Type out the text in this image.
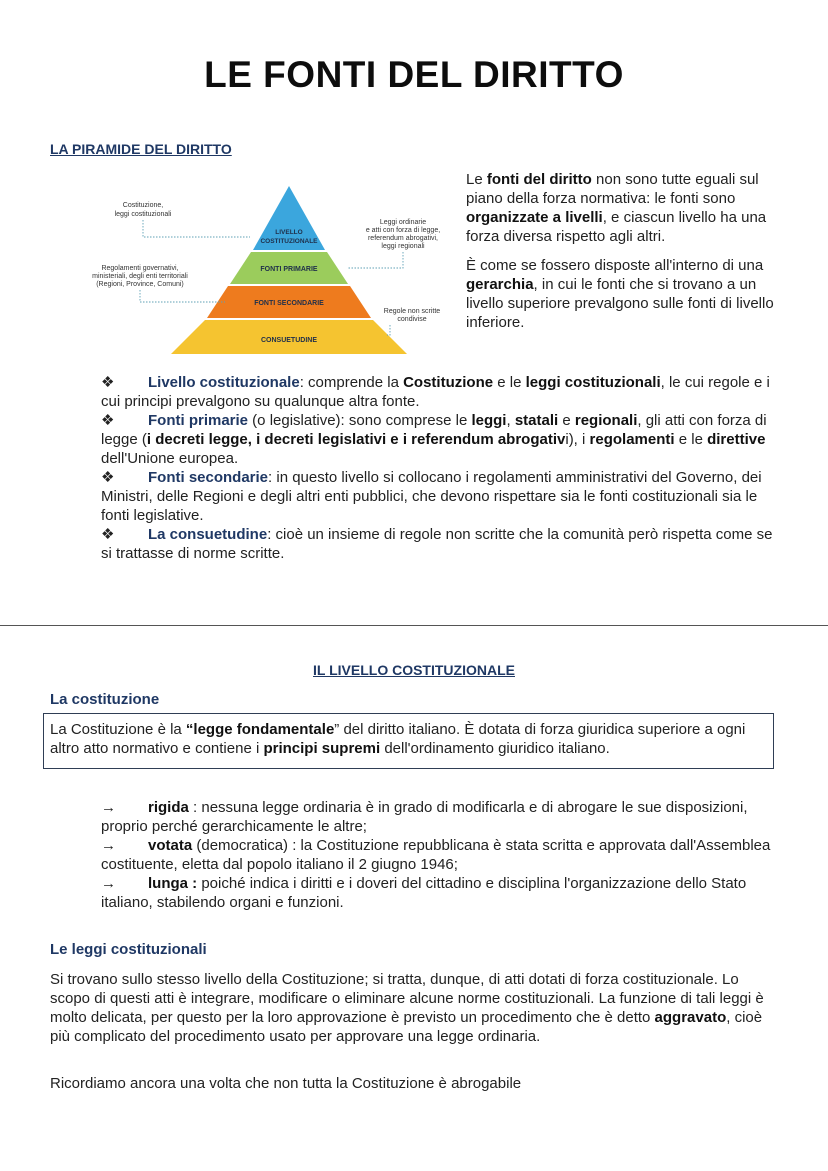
LE FONTI DEL DIRITTO
LA PIRAMIDE DEL DIRITTO
LIVELLO
COSTITUZIONALE
FONTI PRIMARIE
FONTI SECONDARIE
CONSUETUDINE
Costituzione,
leggi costituzionali
Regolamenti governativi,
ministeriali, degli enti territoriali
(Regioni, Province, Comuni)
Leggi ordinarie
e atti con forza di legge,
referendum abrogativi,
leggi regionali
Regole non scritte
condivise
Le fonti del diritto non sono tutte eguali sul piano della forza normativa: le fonti sono organizzate a livelli, e ciascun livello ha una forza diversa rispetto agli altri.
È come se fossero disposte all'interno di una gerarchia, in cui le fonti che si trovano a un livello superiore prevalgono sulle fonti di livello inferiore.
❖ Livello costituzionale: comprende la Costituzione e le leggi costituzionali, le cui regole e i cui principi prevalgono su qualunque altra fonte.
❖ Fonti primarie (o legislative): sono comprese le leggi, statali e regionali, gli atti con forza di legge (i decreti legge, i decreti legislativi e i referendum abrogativi), i regolamenti e le direttive dell'Unione europea.
❖ Fonti secondarie: in questo livello si collocano i regolamenti amministrativi del Governo, dei Ministri, delle Regioni e degli altri enti pubblici, che devono rispettare sia le fonti costituzionali sia le fonti legislative.
❖ La consuetudine: cioè un insieme di regole non scritte che la comunità però rispetta come se si trattasse di norme scritte.
IL LIVELLO COSTITUZIONALE
La costituzione
La Costituzione è la “legge fondamentale” del diritto italiano. È dotata di forza giuridica superiore a ogni altro atto normativo e contiene i principi supremi dell'ordinamento giuridico italiano.
→ rigida : nessuna legge ordinaria è in grado di modificarla e di abrogare le sue disposizioni, proprio perché gerarchicamente le altre;
→ votata (democratica) : la Costituzione repubblicana è stata scritta e approvata dall'Assemblea costituente, eletta dal popolo italiano il 2 giugno 1946;
→ lunga : poiché indica i diritti e i doveri del cittadino e disciplina l'organizzazione dello Stato italiano, stabilendo organi e funzioni.
Le leggi costituzionali
Si trovano sullo stesso livello della Costituzione; si tratta, dunque, di atti dotati di forza costituzionale. Lo scopo di questi atti è integrare, modificare o eliminare alcune norme costituzionali. La funzione di tali leggi è molto delicata, per questo per la loro approvazione è previsto un procedimento che è detto aggravato, cioè più complicato del procedimento usato per approvare una legge ordinaria.
Ricordiamo ancora una volta che non tutta la Costituzione è abrogabile
